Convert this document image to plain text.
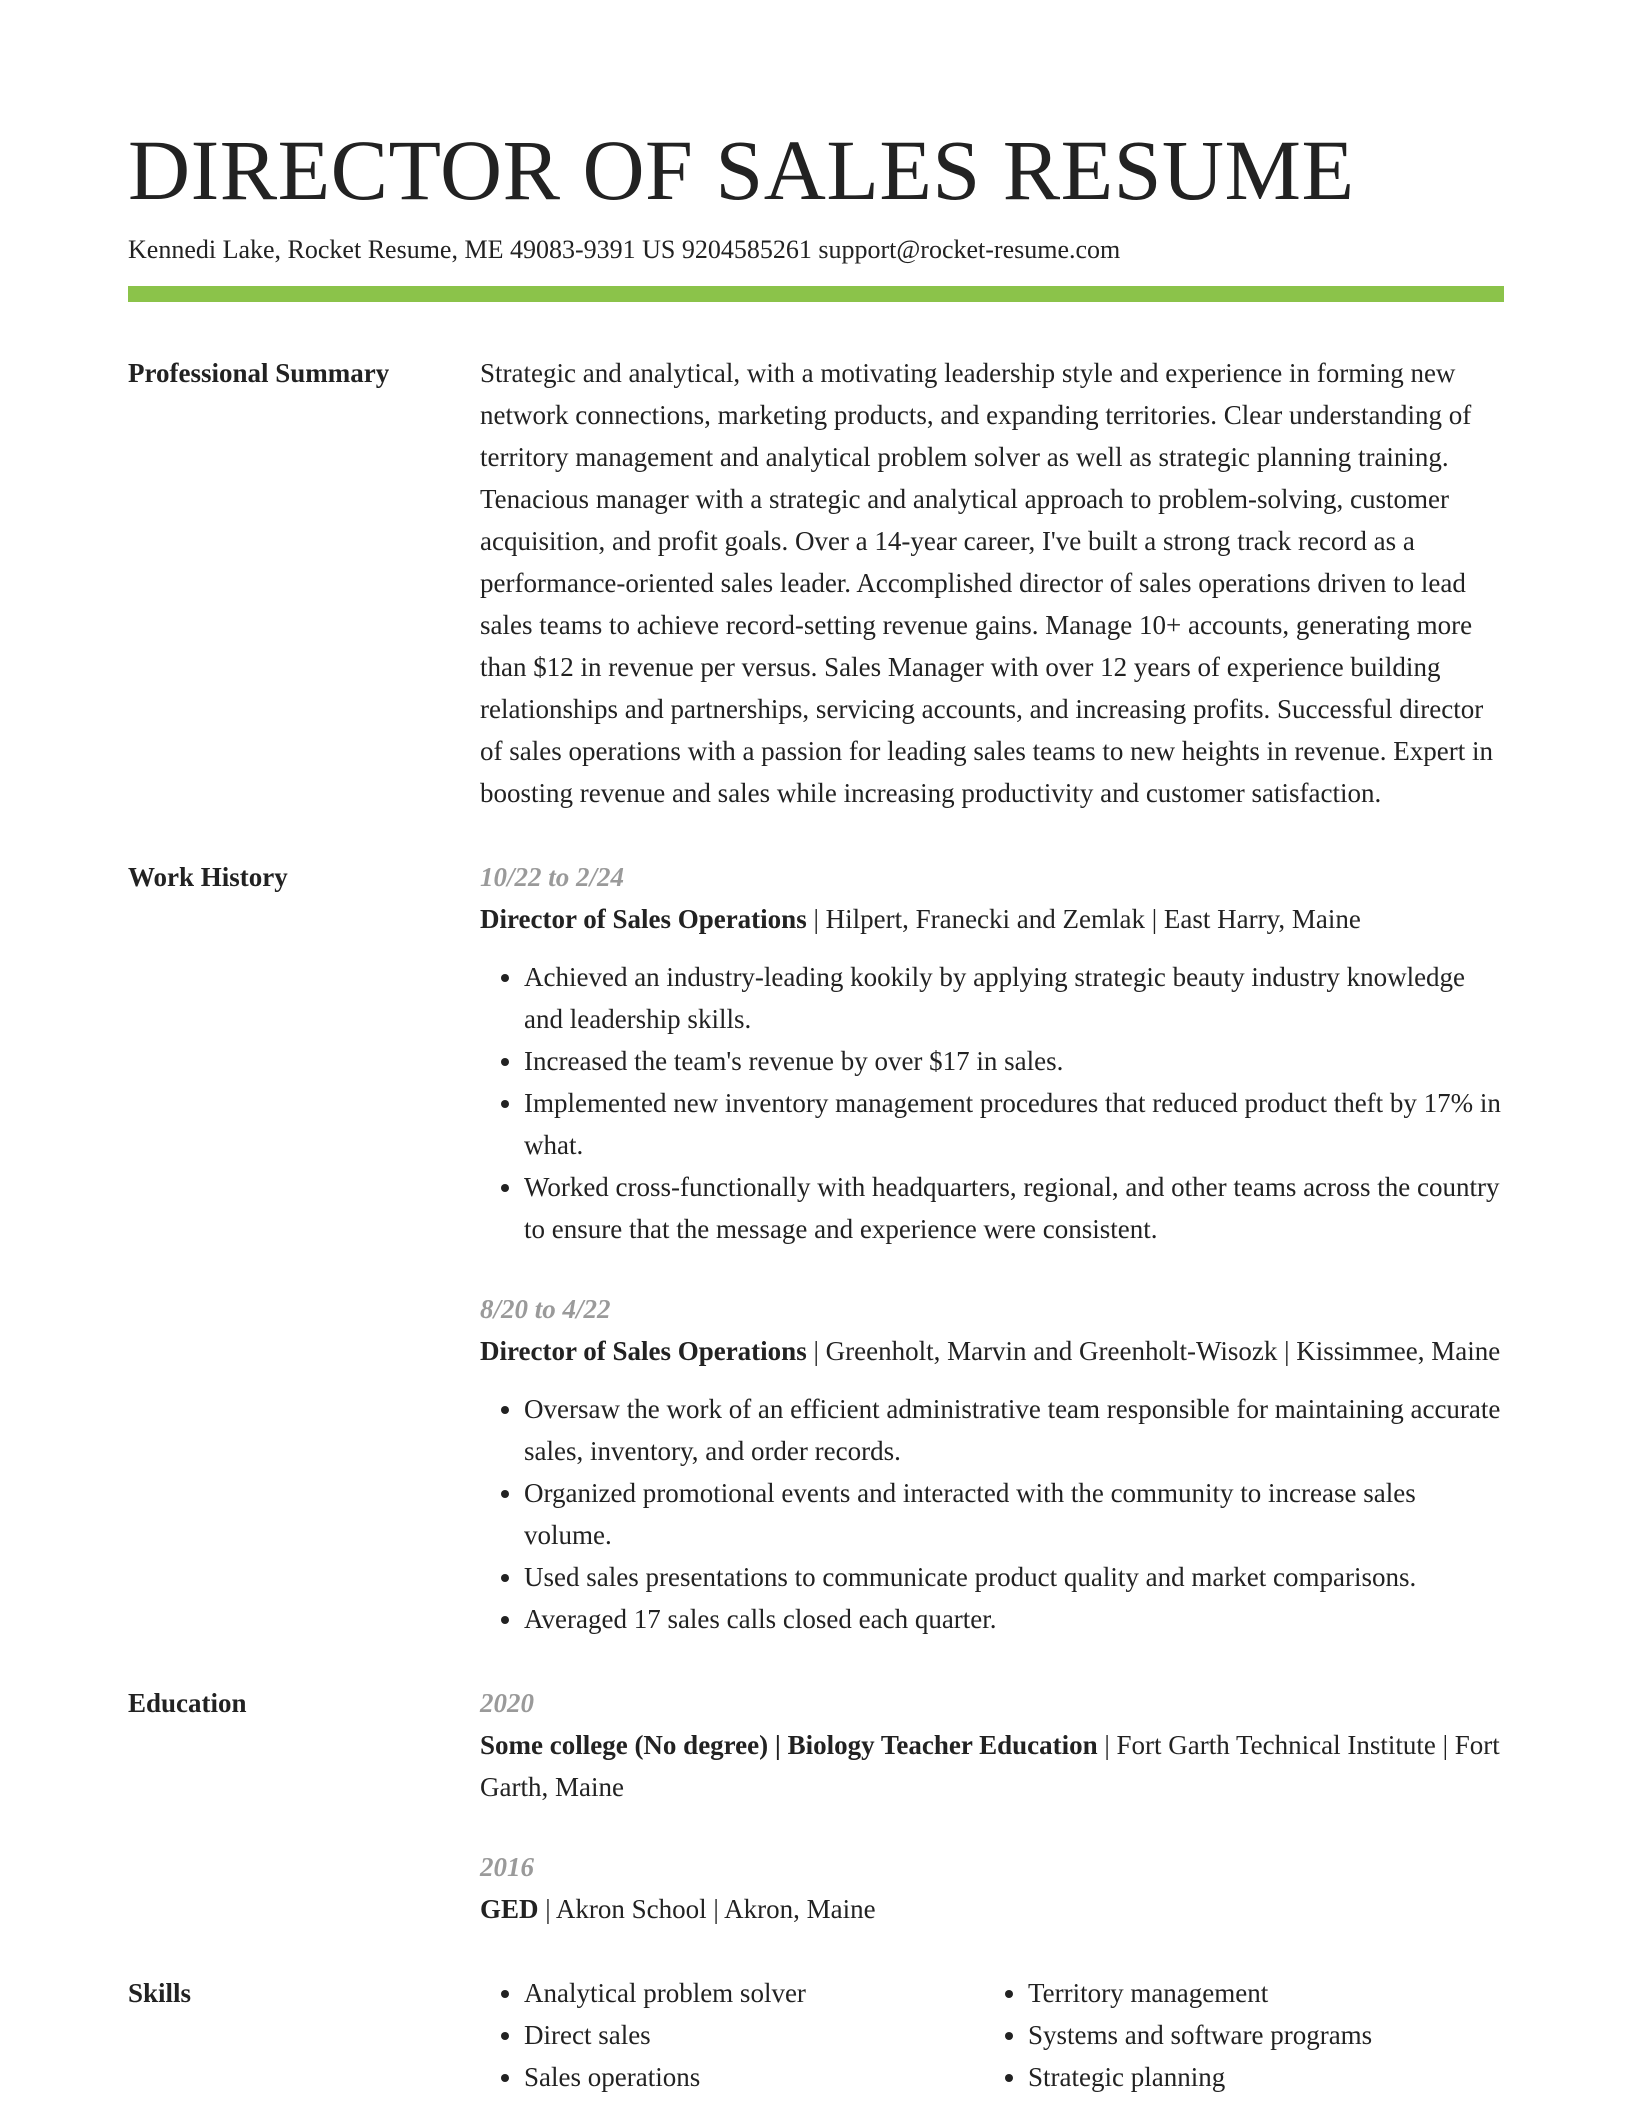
DIRECTOR OF SALES RESUME
Kennedi Lake, Rocket Resume, ME 49083-9391 US 9204585261 support@rocket-resume.com
Professional Summary	Strategic and analytical, with a motivating leadership style and experience in forming new network connections, marketing products, and expanding territories. Clear understanding of territory management and analytical problem solver as well as strategic planning training. Tenacious manager with a strategic and analytical approach to problem-solving, customer acquisition, and profit goals. Over a 14-year career, I've built a strong track record as a performance-oriented sales leader. Accomplished director of sales operations driven to lead sales teams to achieve record-setting revenue gains. Manage 10+ accounts, generating more than $12 in revenue per versus. Sales Manager with over 12 years of experience building relationships and partnerships, servicing accounts, and increasing profits. Successful director of sales operations with a passion for leading sales teams to new heights in revenue. Expert in boosting revenue and sales while increasing productivity and customer satisfaction.

Work History	10/22 to 2/24
Director of Sales Operations | Hilpert, Franecki and Zemlak | East Harry, Maine
• Achieved an industry-leading kookily by applying strategic beauty industry knowledge and leadership skills.
• Increased the team's revenue by over $17 in sales.
• Implemented new inventory management procedures that reduced product theft by 17% in what.
• Worked cross-functionally with headquarters, regional, and other teams across the country to ensure that the message and experience were consistent.
8/20 to 4/22
Director of Sales Operations | Greenholt, Marvin and Greenholt-Wisozk | Kissimmee, Maine
• Oversaw the work of an efficient administrative team responsible for maintaining accurate sales, inventory, and order records.
• Organized promotional events and interacted with the community to increase sales volume.
• Used sales presentations to communicate product quality and market comparisons.
• Averaged 17 sales calls closed each quarter.
Education	2020
Some college (No degree) | Biology Teacher Education | Fort Garth Technical Institute | Fort Garth, Maine
2016
GED | Akron School | Akron, Maine
Skills
•	Analytical problem solver
• Direct sales
• Sales operations
• Territory management
• Systems and software programs
• Strategic planning
